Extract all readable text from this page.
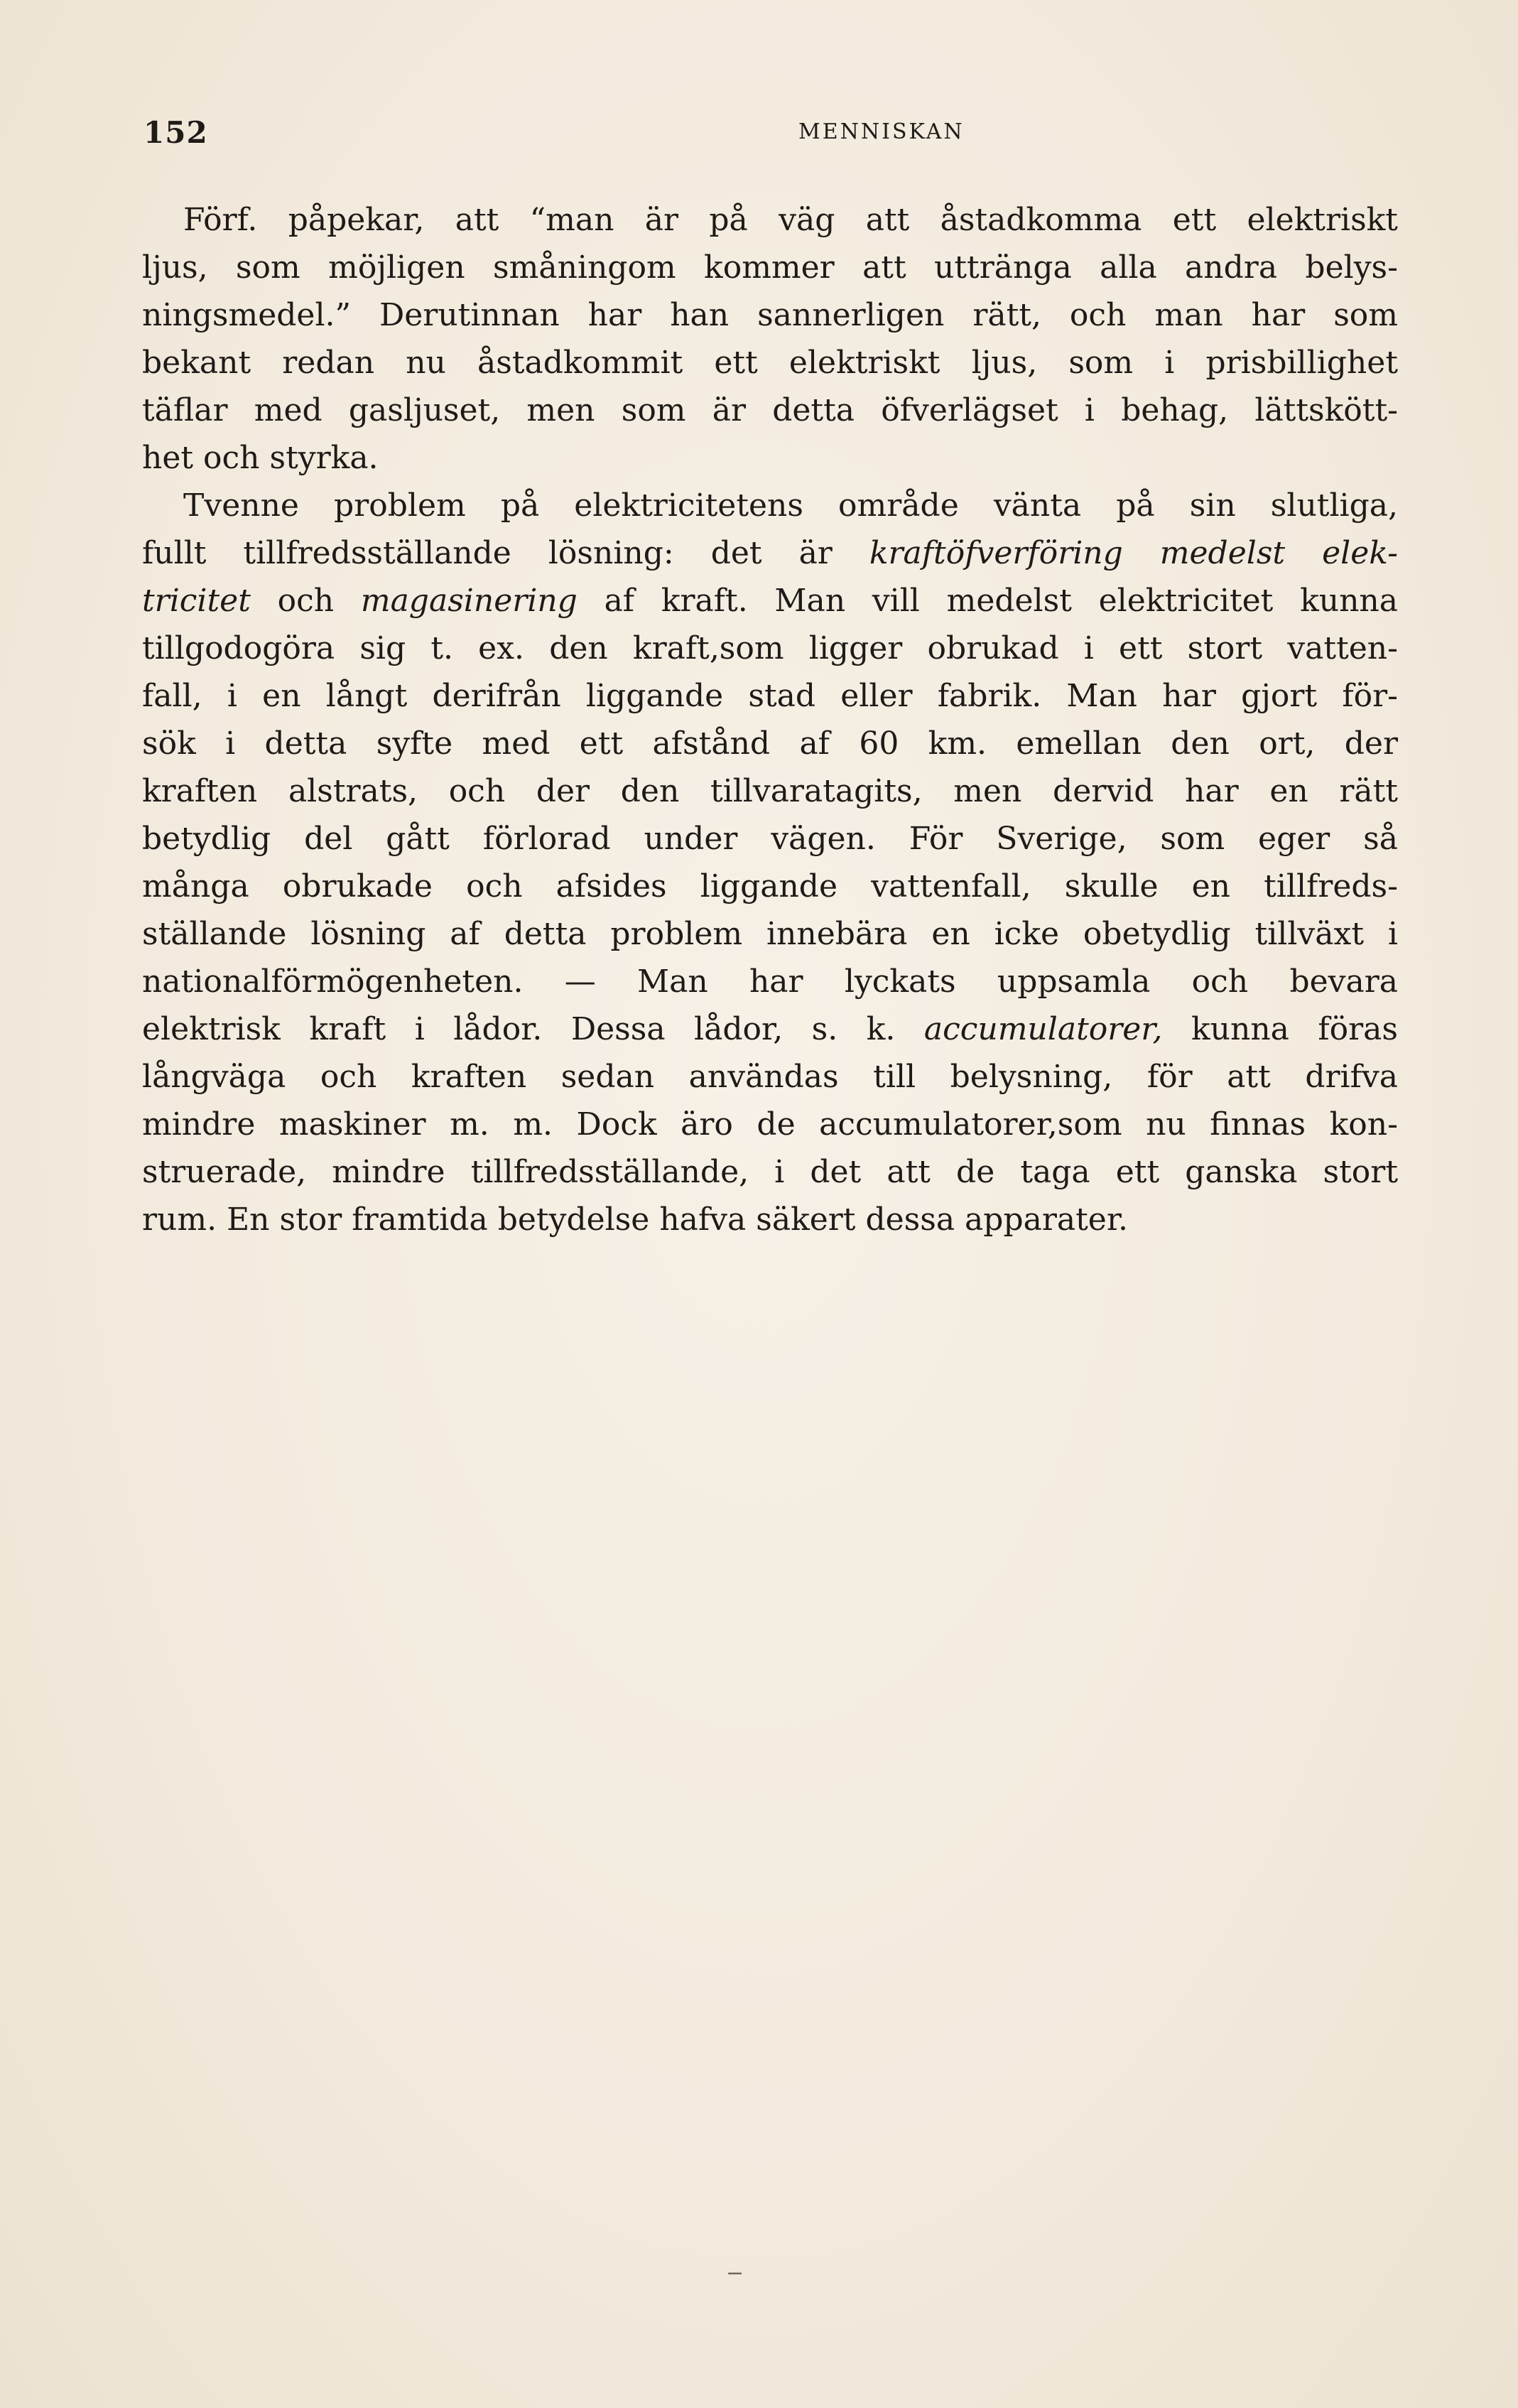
152	MENNISKAN
Förf. påpekar, att “man är på väg att åstadkomma ett elektriskt
ljus, som möjligen småningom kommer att uttränga alla andra belys-
ningsmedel.” Derutinnan har han sannerligen rätt, och man har som
bekant redan nu åstadkommit ett elektriskt ljus, som i prisbillighet
täflar med gasljuset, men som är detta öfverlägset i behag, lättskött-
het och styrka.
Tvenne problem på elektricitetens område vänta på sin slutliga,
fullt tillfredsställande lösning: det är kraftöfverföring medelst elek-
tricitet och magasinering af kraft. Man vill medelst elektricitet kunna
tillgodogöra sig t. ex. den kraft,som ligger obrukad i ett stort vatten-
fall, i en långt derifrån liggande stad eller fabrik. Man har gjort för-
sök i detta syfte med ett afstånd af 60 km. emellan den ort, der
kraften alstrats, och der den tillvaratagits, men dervid har en rätt
betydlig del gått förlorad under vägen. För Sverige, som eger så
många obrukade och afsides liggande vattenfall, skulle en tillfreds-
ställande lösning af detta problem innebära en icke obetydlig tillväxt i
nationalförmögenheten. — Man har lyckats uppsamla och bevara
elektrisk kraft i lådor. Dessa lådor, s. k. accumulatorer, kunna föras
långväga och kraften sedan användas till belysning, för att drifva
mindre maskiner m. m. Dock äro de accumulatorer,som nu finnas kon-
struerade, mindre tillfredsställande, i det att de taga ett ganska stort
rum. En stor framtida betydelse hafva säkert dessa apparater.
−
